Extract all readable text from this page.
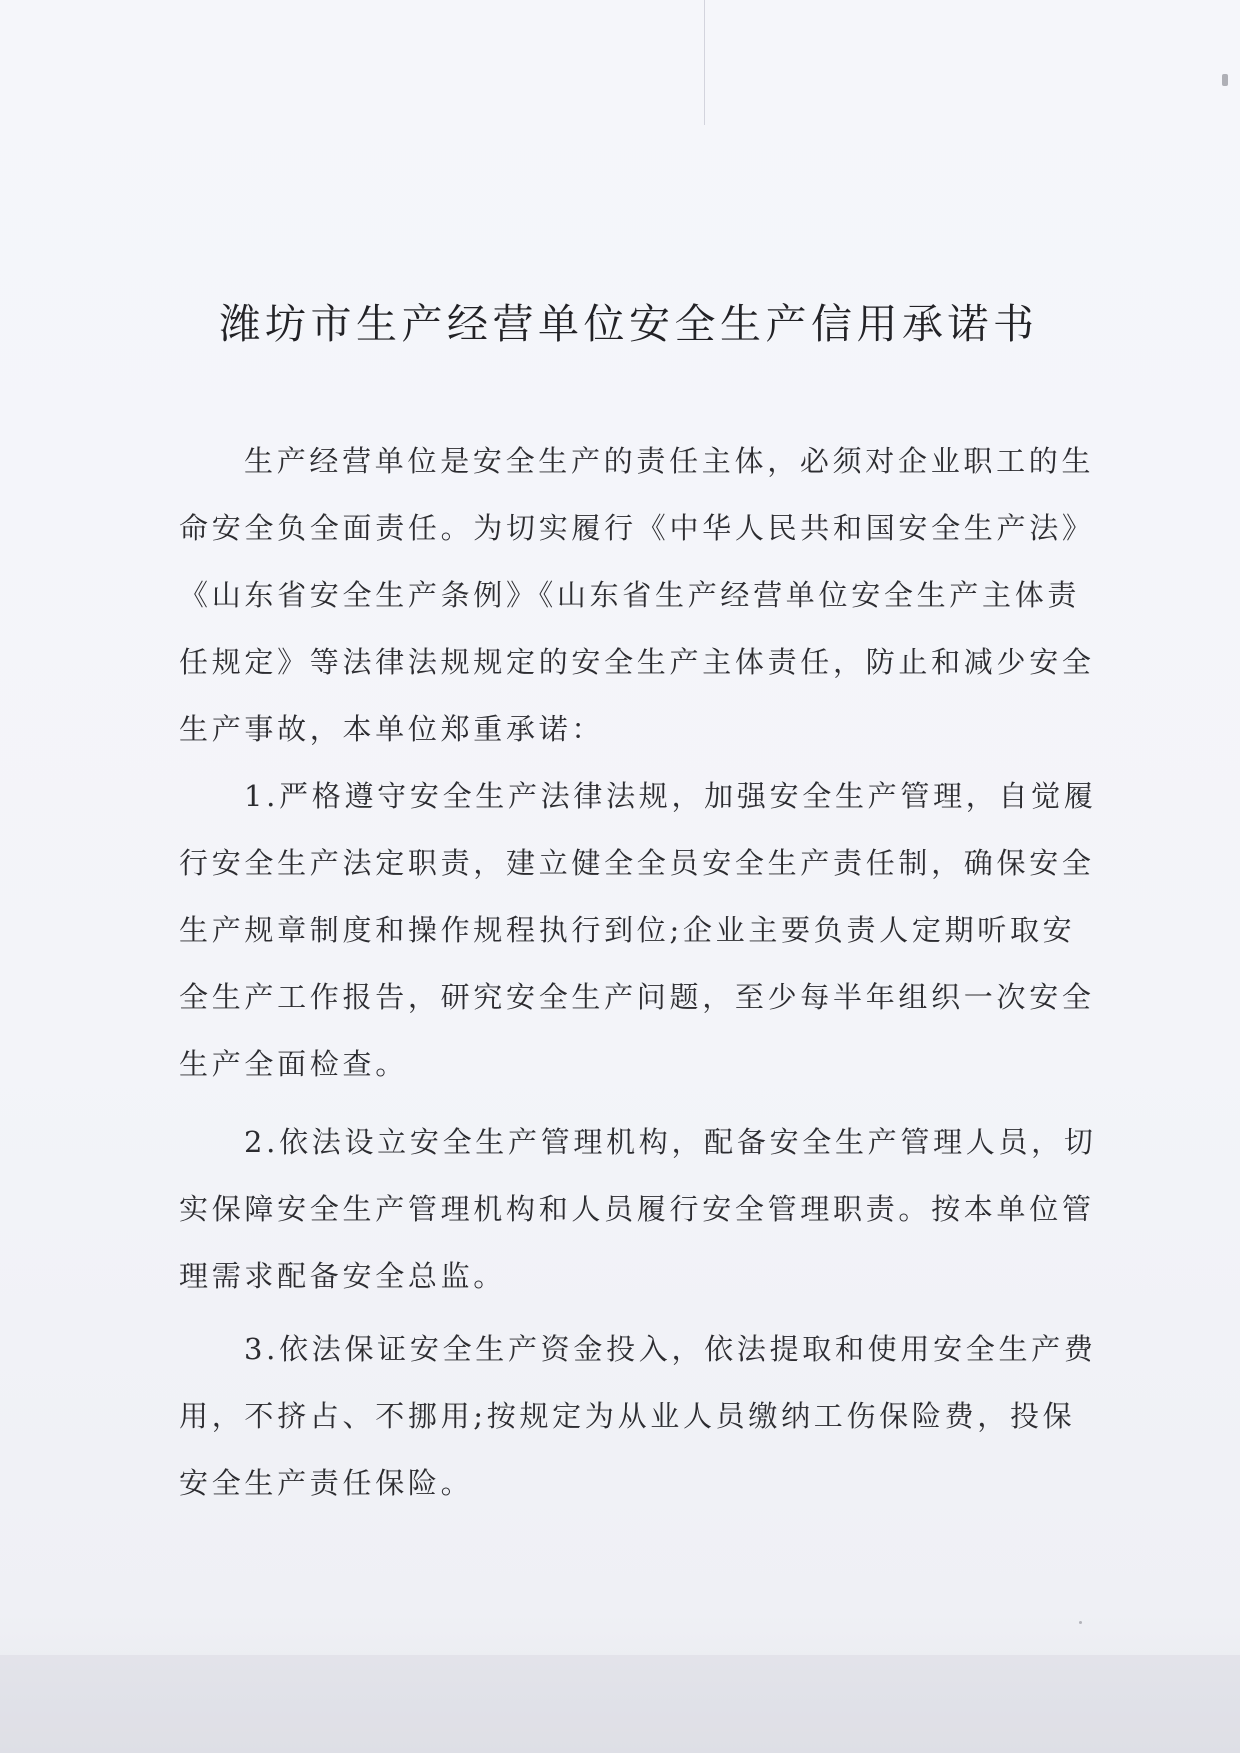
潍坊市生产经营单位安全生产信用承诺书
生产经营单位是安全生产的责任主体，必须对企业职工的生
命安全负全面责任。为切实履行《中华人民共和国安全生产法》
《山东省安全生产条例》《山东省生产经营单位安全生产主体责
任规定》等法律法规规定的安全生产主体责任，防止和减少安全
生产事故，本单位郑重承诺：
1.严格遵守安全生产法律法规，加强安全生产管理，自觉履
行安全生产法定职责，建立健全全员安全生产责任制，确保安全
生产规章制度和操作规程执行到位;企业主要负责人定期听取安
全生产工作报告，研究安全生产问题，至少每半年组织一次安全
生产全面检查。
2.依法设立安全生产管理机构，配备安全生产管理人员，切
实保障安全生产管理机构和人员履行安全管理职责。按本单位管
理需求配备安全总监。
3.依法保证安全生产资金投入，依法提取和使用安全生产费
用，不挤占、不挪用;按规定为从业人员缴纳工伤保险费，投保
安全生产责任保险。
